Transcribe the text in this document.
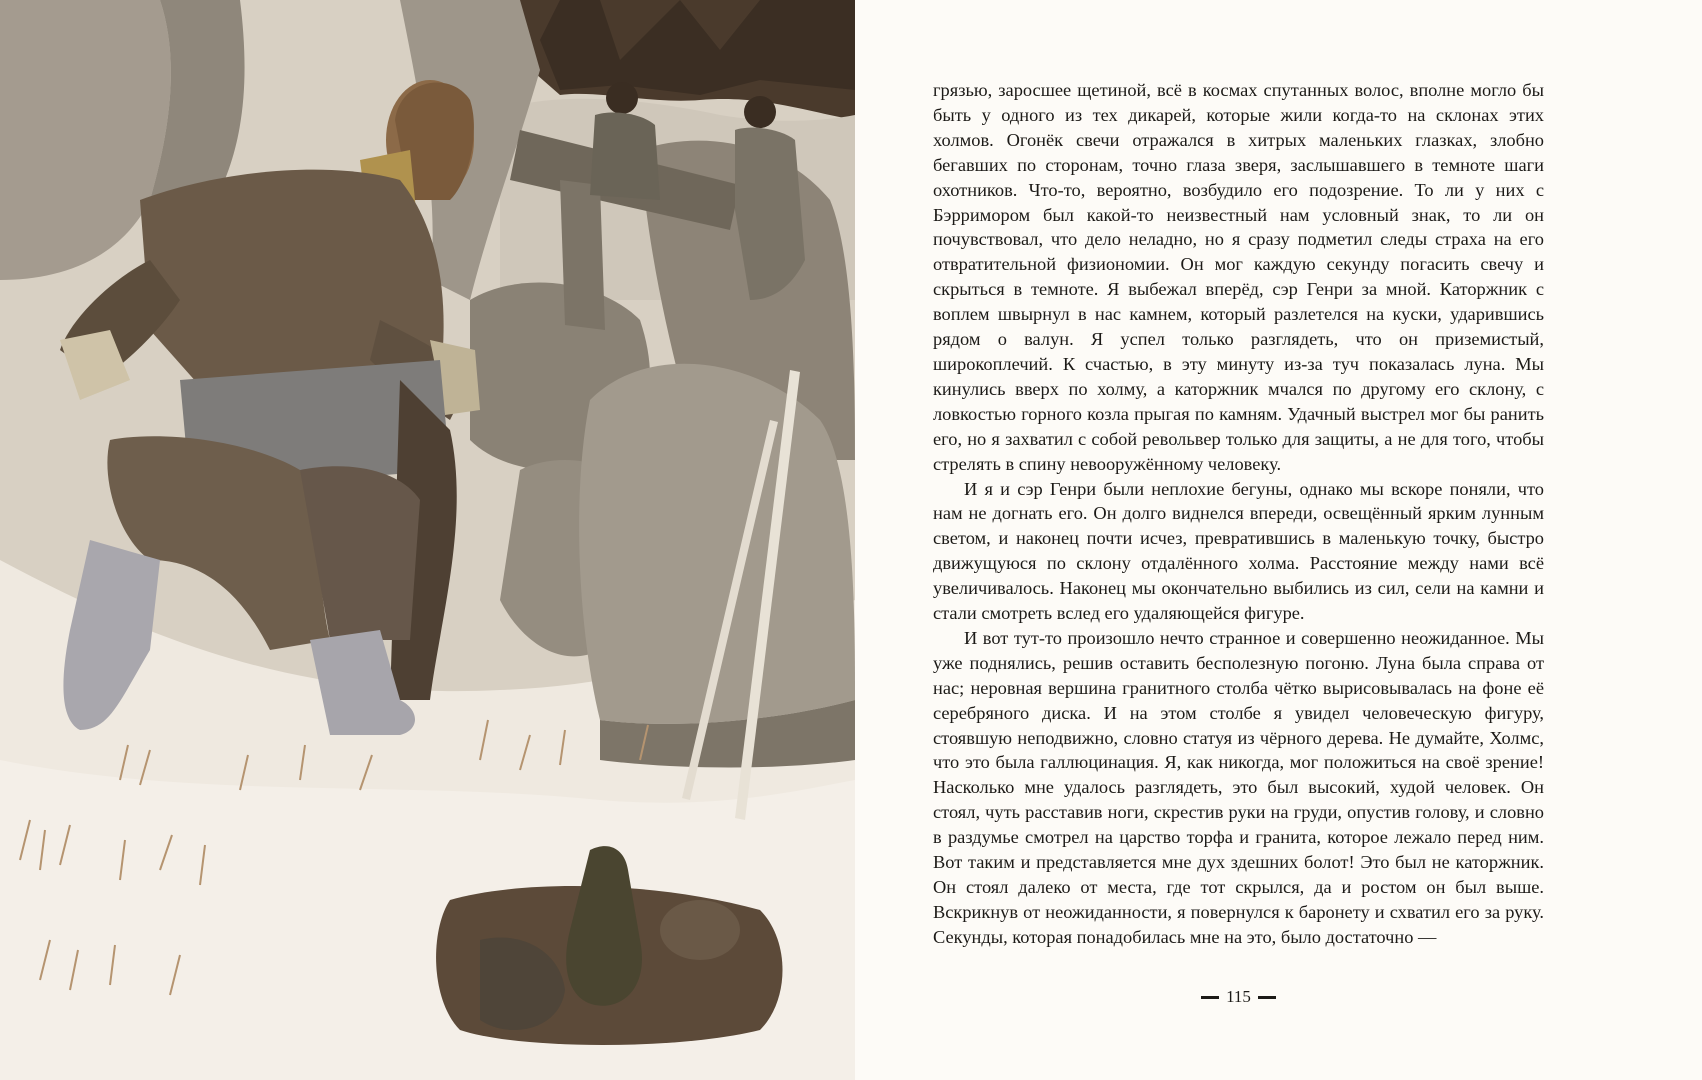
грязью, заросшее щетиной, всё в космах спутанных волос, вполне могло бы быть у одного из тех дикарей, которые жили когда-то на склонах этих холмов. Огонёк свечи отражался в хитрых маленьких глазках, злобно бегавших по сторонам, точно глаза зверя, заслышавшего в темноте шаги охотников. Что-то, вероятно, возбудило его подозрение. То ли у них с Бэрримором был какой-то неизвестный нам условный знак, то ли он почувствовал, что дело неладно, но я сразу подметил следы страха на его отвратительной физиономии. Он мог каждую секунду погасить свечу и скрыться в темноте. Я выбежал вперёд, сэр Генри за мной. Каторжник с воплем швырнул в нас камнем, который разлетелся на куски, ударившись рядом о валун. Я успел только разглядеть, что он приземистый, широкоплечий. К счастью, в эту минуту из-за туч показалась луна. Мы кинулись вверх по холму, а каторжник мчался по другому его склону, с ловкостью горного козла прыгая по камням. Удачный выстрел мог бы ранить его, но я захватил с собой револьвер только для защиты, а не для того, чтобы стрелять в спину невооружённому человеку.

И я и сэр Генри были неплохие бегуны, однако мы вскоре поняли, что нам не догнать его. Он долго виднелся впереди, освещённый ярким лунным светом, и наконец почти исчез, превратившись в маленькую точку, быстро движущуюся по склону отдалённого холма. Расстояние между нами всё увеличивалось. Наконец мы окончательно выбились из сил, сели на камни и стали смотреть вслед его удаляющейся фигуре.

И вот тут-то произошло нечто странное и совершенно неожиданное. Мы уже поднялись, решив оставить бесполезную погоню. Луна была справа от нас; неровная вершина гранитного столба чётко вырисовывалась на фоне её серебряного диска. И на этом столбе я увидел человеческую фигуру, стоявшую неподвижно, словно статуя из чёрного дерева. Не думайте, Холмс, что это была галлюцинация. Я, как никогда, мог положиться на своё зрение! Насколько мне удалось разглядеть, это был высокий, худой человек. Он стоял, чуть расставив ноги, скрестив руки на груди, опустив голову, и словно в раздумье смотрел на царство торфа и гранита, которое лежало перед ним. Вот таким и представляется мне дух здешних болот! Это был не каторжник. Он стоял далеко от места, где тот скрылся, да и ростом он был выше. Вскрикнув от неожиданности, я повернулся к баронету и схватил его за руку. Секунды, которая понадобилась мне на это, было достаточно —

115
